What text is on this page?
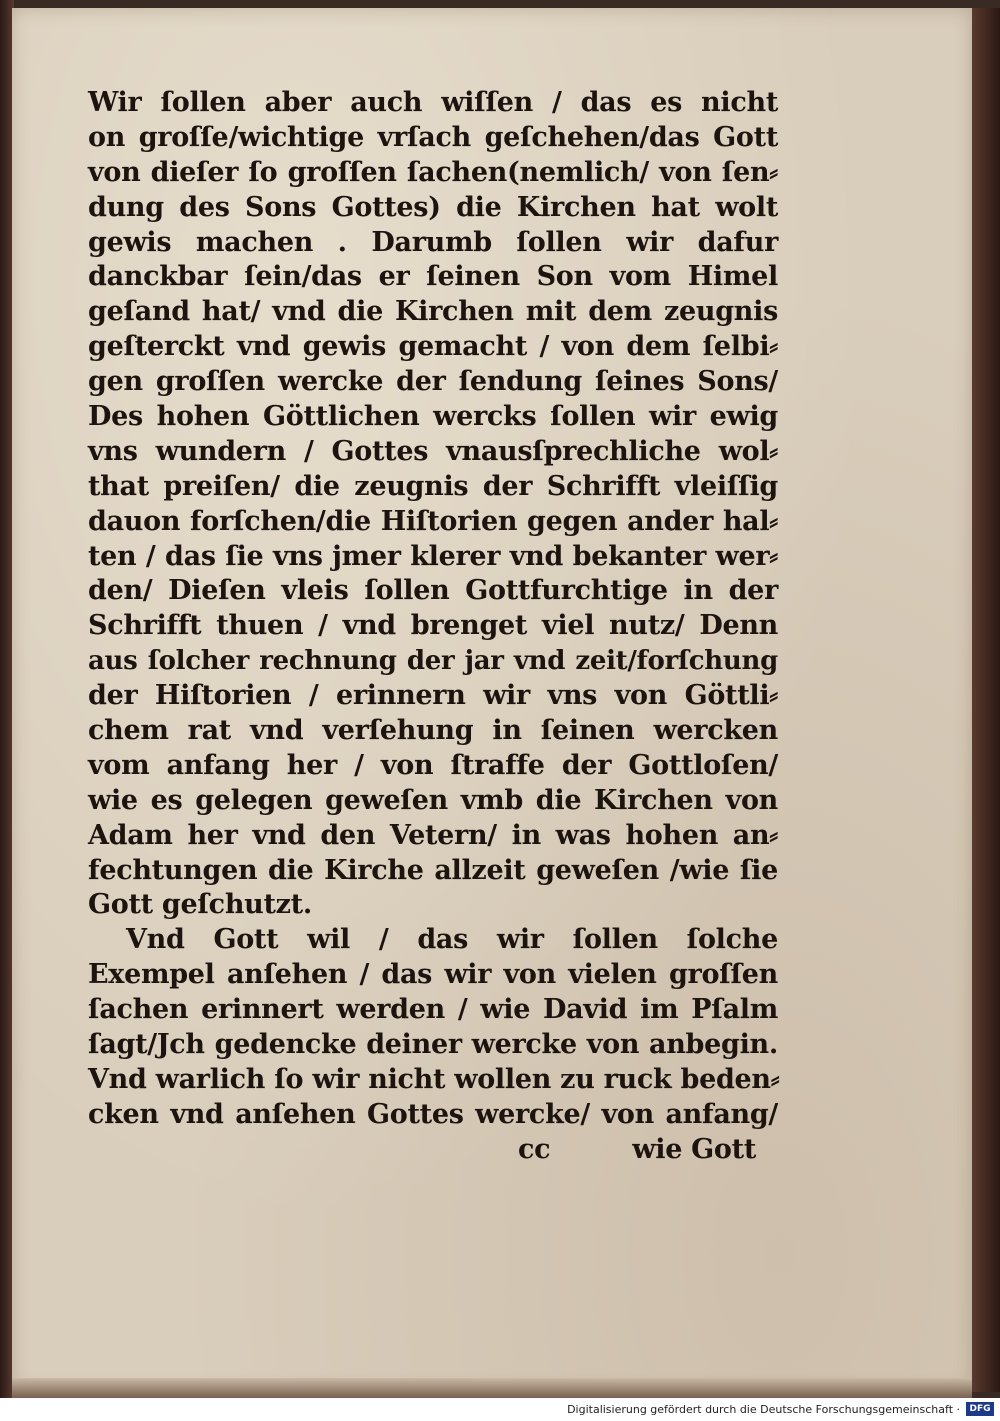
Wir ſollen aber auch wiſſen / das es nicht
on groſſe/wichtige vrſach geſchehen/das Gott
von dieſer ſo groſſen ſachen(nemlich/ von ſen⸗
dung des Sons Gottes) die Kirchen hat wolt
gewis machen . Darumb ſollen wir dafur
danckbar ſein/das er ſeinen Son vom Himel
geſand hat/ vnd die Kirchen mit dem zeugnis
geſterckt vnd gewis gemacht / von dem ſelbi⸗
gen groſſen wercke der ſendung ſeines Sons/
Des hohen Göttlichen wercks ſollen wir ewig
vns wundern / Gottes vnausſprechliche wol⸗
that preiſen/ die zeugnis der Schrifft vleiſſig
dauon forſchen/die Hiſtorien gegen ander hal⸗
ten / das ſie vns jmer klerer vnd bekanter wer⸗
den/ Dieſen vleis ſollen Gottfurchtige in der
Schrifft thuen / vnd brenget viel nutz/ Denn
aus ſolcher rechnung der jar vnd zeit/forſchung
der Hiſtorien / erinnern wir vns von Göttli⸗
chem rat vnd verſehung in ſeinen wercken
vom anfang her / von ſtraffe der Gottloſen/
wie es gelegen geweſen vmb die Kirchen von
Adam her vnd den Vetern/ in was hohen an⸗
fechtungen die Kirche allzeit geweſen /wie ſie
Gott geſchutzt.
Vnd Gott wil / das wir ſollen ſolche
Exempel anſehen / das wir von vielen groſſen
ſachen erinnert werden / wie David im Pſalm
ſagt/Jch gedencke deiner wercke von anbegin.
Vnd warlich ſo wir nicht wollen zu ruck beden⸗
cken vnd anſehen Gottes wercke/ von anfang/
cc	wie Gott
Digitalisierung gefördert durch die Deutsche Forschungsgemeinschaft ·	DFG
